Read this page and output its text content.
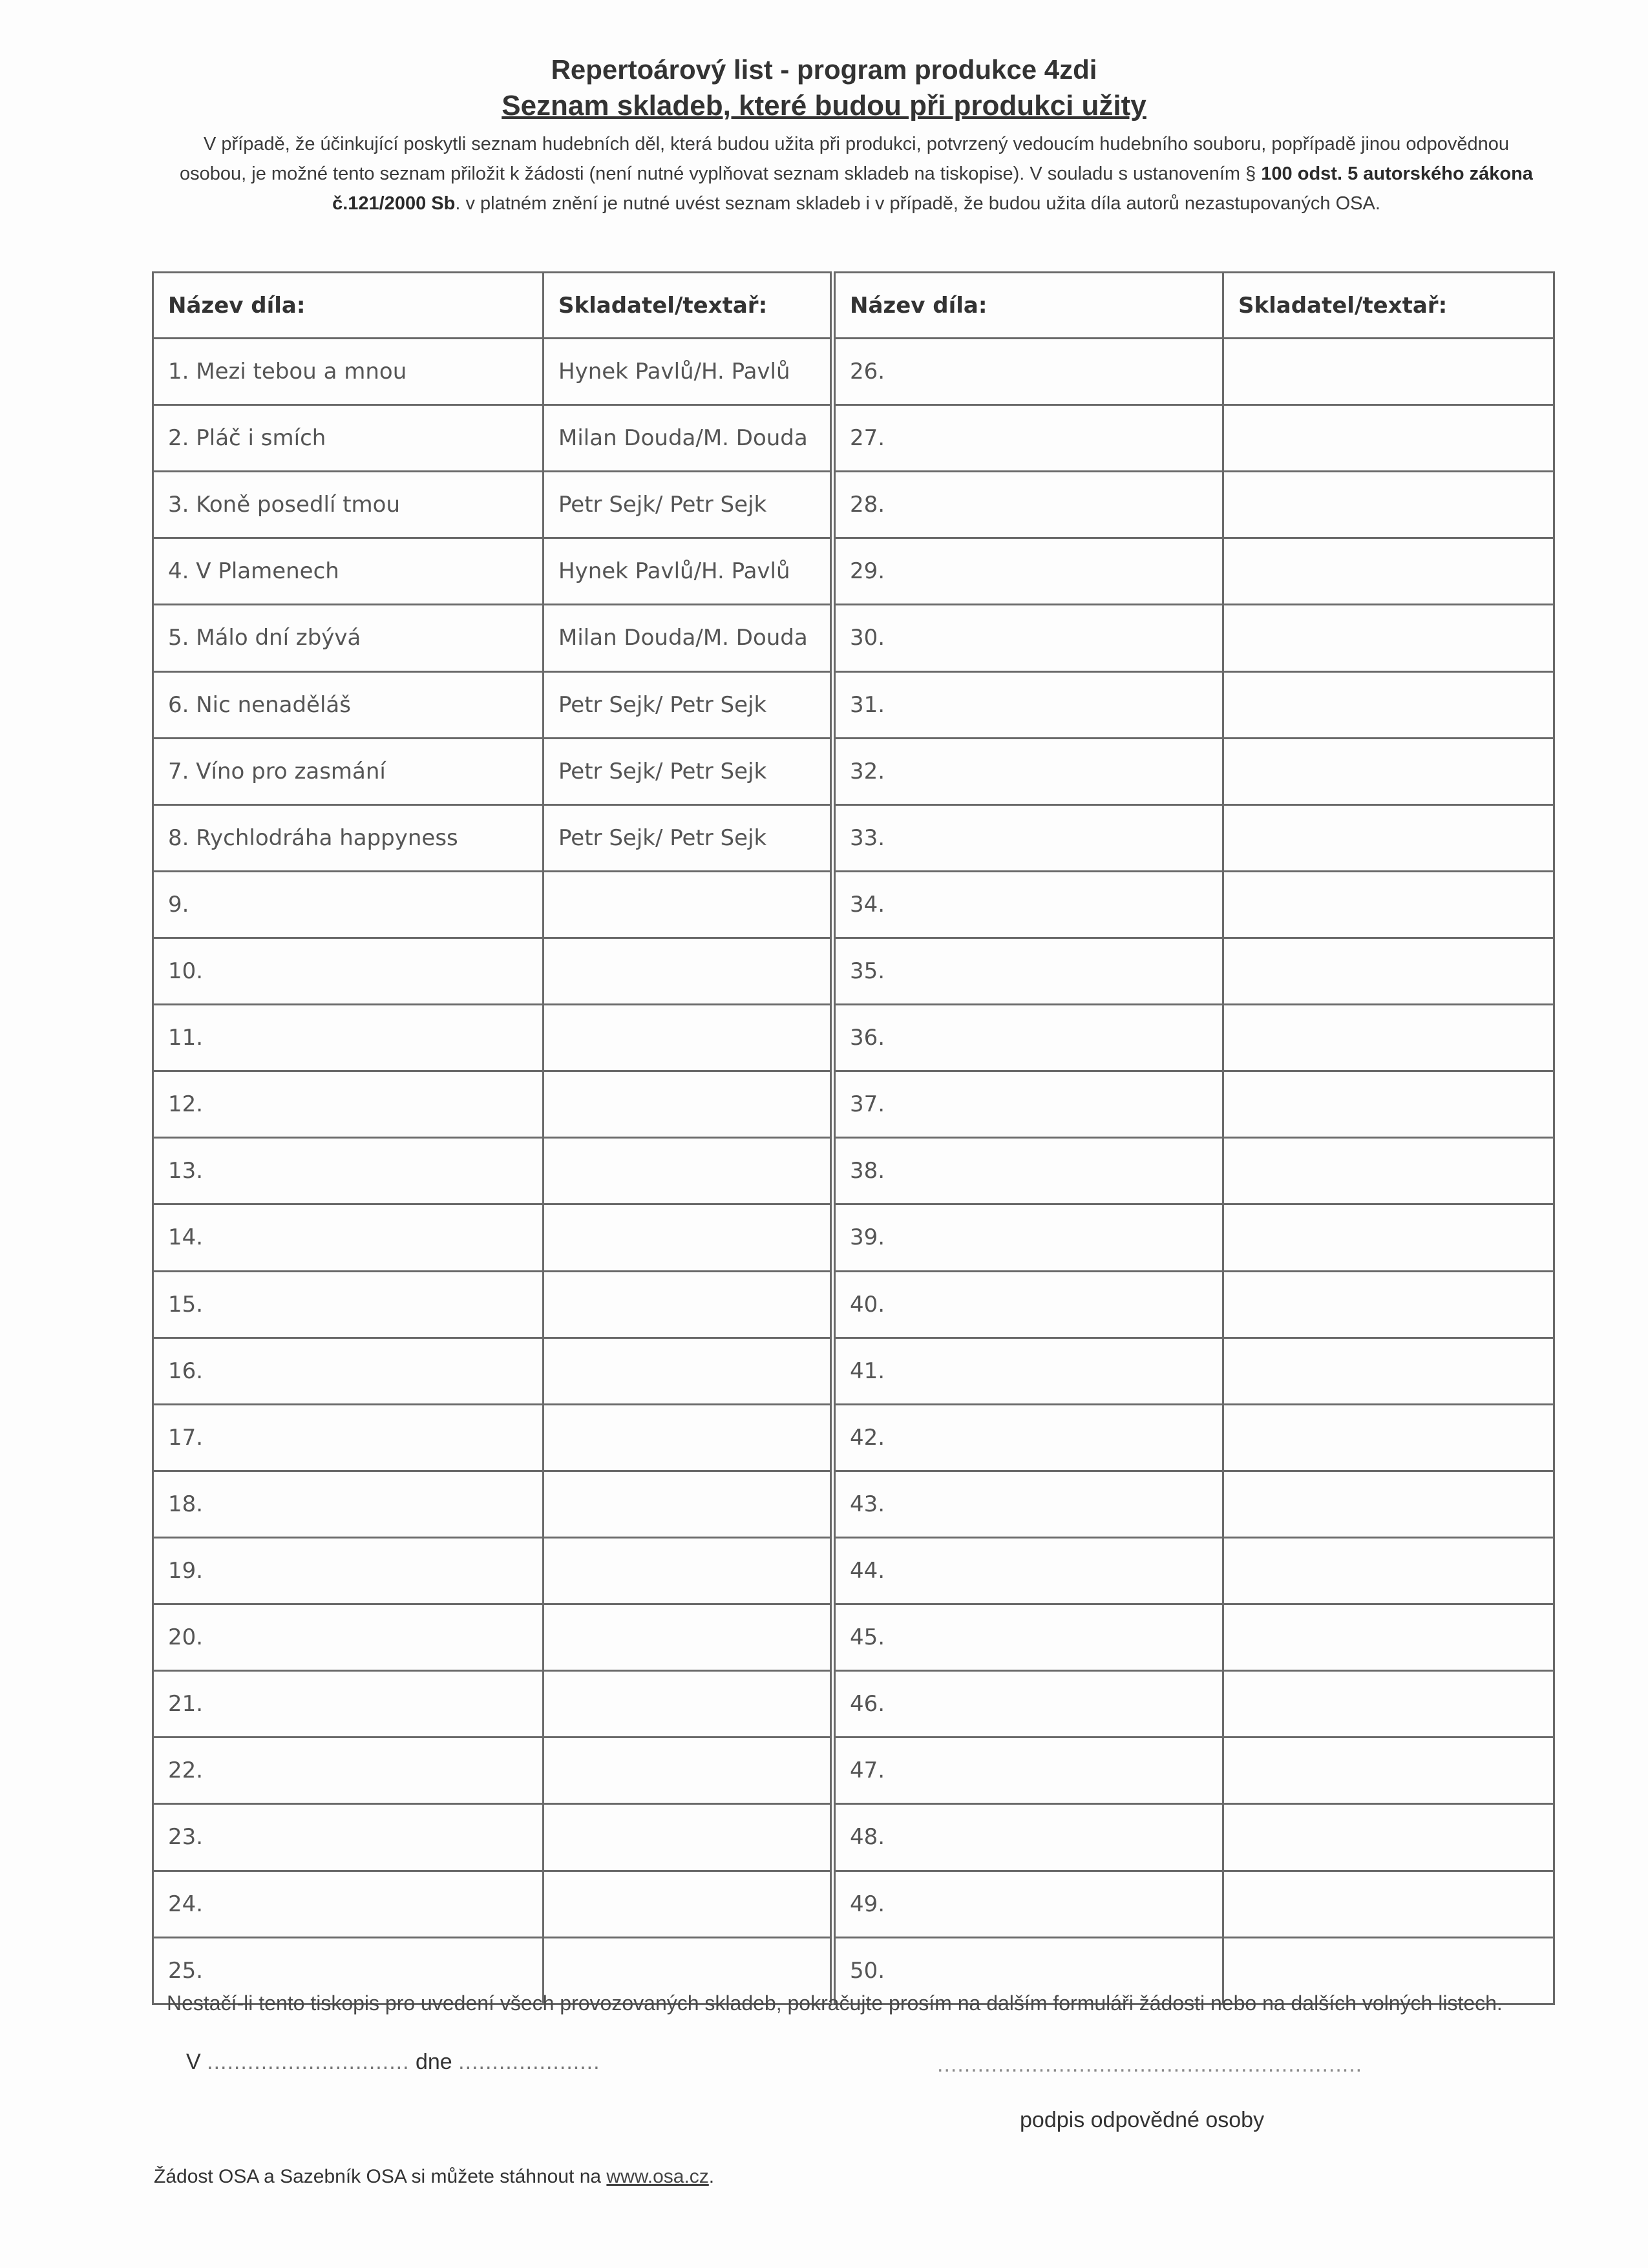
Repertoárový list - program produkce 4zdi
Seznam skladeb, které budou při produkci užity
V případě, že účinkující poskytli seznam hudebních děl, která budou užita při produkci, potvrzený vedoucím hudebního souboru, popřípadě jinou odpovědnou osobou, je možné tento seznam přiložit k žádosti (není nutné vyplňovat seznam skladeb na tiskopise). V souladu s ustanovením § 100 odst. 5 autorského zákona č.121/2000 Sb. v platném znění je nutné uvést seznam skladeb i v případě, že budou užita díla autorů nezastupovaných OSA.
Název díla:	Skladatel/textař:	Název díla:	Skladatel/textař:
1. Mezi tebou a mnou	Hynek Pavlů/H. Pavlů	26.	
2. Pláč i smích	Milan Douda/M. Douda	27.	
3. Koně posedlí tmou	Petr Sejk/ Petr Sejk	28.	
4. V Plamenech	Hynek Pavlů/H. Pavlů	29.	
5. Málo dní zbývá	Milan Douda/M. Douda	30.	
6. Nic nenaděláš	Petr Sejk/ Petr Sejk	31.	
7. Víno pro zasmání	Petr Sejk/ Petr Sejk	32.	
8. Rychlodráha happyness	Petr Sejk/ Petr Sejk	33.	
9.		34.	
10.		35.	
11.		36.	
12.		37.	
13.		38.	
14.		39.	
15.		40.	
16.		41.	
17.		42.	
18.		43.	
19.		44.	
20.		45.	
21.		46.	
22.		47.	
23.		48.	
24.		49.	
25.		50.	
Nestačí-li tento tiskopis pro uvedení všech provozovaných skladeb, pokračujte prosím na dalším formuláři žádosti nebo na dalších volných listech.
V .............................. dne .....................	...............................................................
podpis odpovědné osoby
Žádost OSA a Sazebník OSA si můžete stáhnout na www.osa.cz.
